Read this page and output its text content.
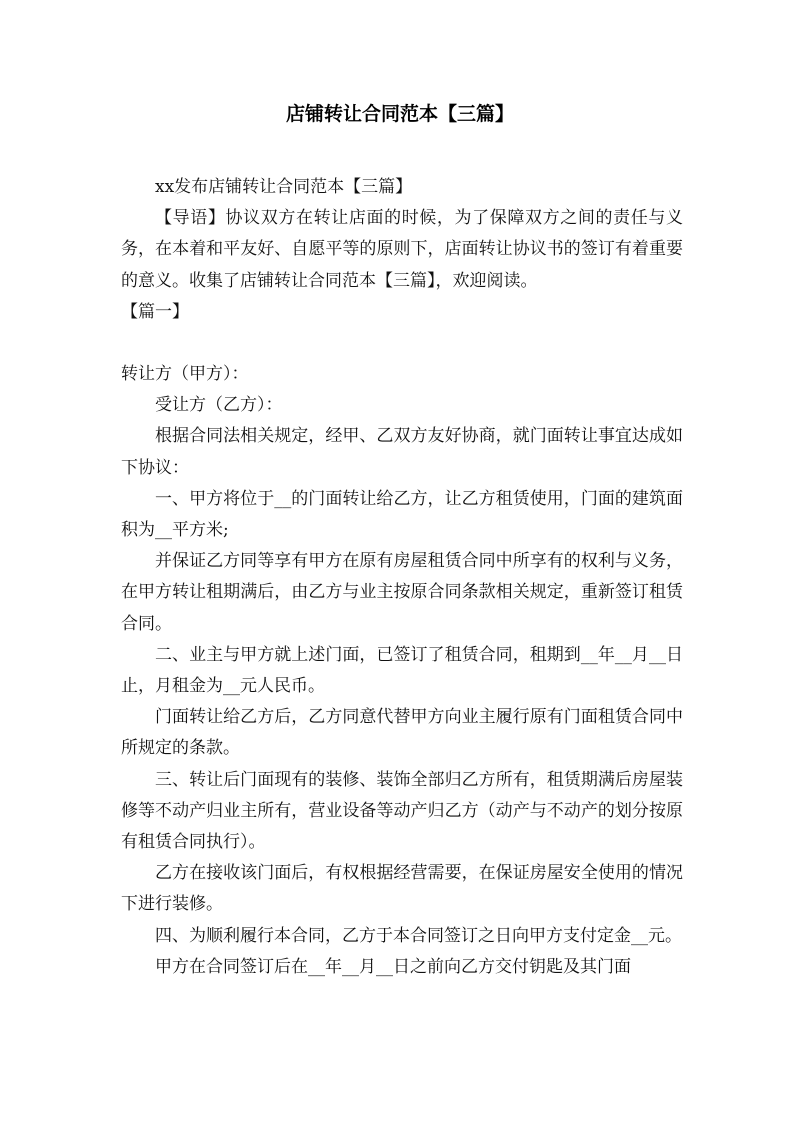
店铺转让合同范本【三篇】

xx发布店铺转让合同范本【三篇】

【导语】协议双方在转让店面的时候，为了保障双方之间的责任与义务，在本着和平友好、自愿平等的原则下，店面转让协议书的签订有着重要的意义。收集了店铺转让合同范本【三篇】，欢迎阅读。

【篇一】

转让方（甲方）：

受让方（乙方）：

根据合同法相关规定，经甲、乙双方友好协商，就门面转让事宜达成如下协议：

一、甲方将位于__的门面转让给乙方，让乙方租赁使用，门面的建筑面积为__平方米;

并保证乙方同等享有甲方在原有房屋租赁合同中所享有的权利与义务，在甲方转让租期满后，由乙方与业主按原合同条款相关规定，重新签订租赁合同。

二、业主与甲方就上述门面，已签订了租赁合同，租期到__年__月__日止，月租金为__元人民币。

门面转让给乙方后，乙方同意代替甲方向业主履行原有门面租赁合同中所规定的条款。

三、转让后门面现有的装修、装饰全部归乙方所有，租赁期满后房屋装修等不动产归业主所有，营业设备等动产归乙方（动产与不动产的划分按原有租赁合同执行）。

乙方在接收该门面后，有权根据经营需要，在保证房屋安全使用的情况下进行装修。

四、为顺利履行本合同，乙方于本合同签订之日向甲方支付定金__元。

甲方在合同签订后在__年__月__日之前向乙方交付钥匙及其门面
